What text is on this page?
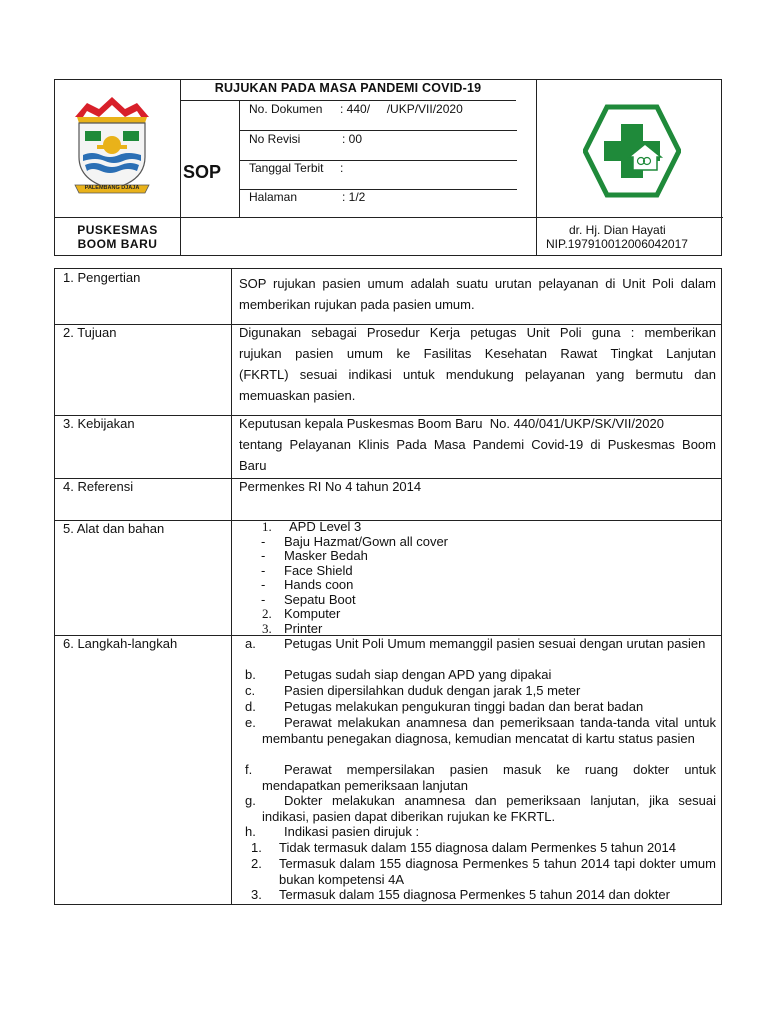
PALEMBANG DJAJA
RUJUKAN PADA MASA PANDEMI COVID-19
SOP
No. Dokumen : 440/     /UKP/VII/2020
No Revisi	: 00
Tanggal Terbit :
Halaman	: 1/2
PUSKESMAS
BOOM BARU
dr. Hj. Dian Hayati
NIP.197910012006042017
1. Pengertian	SOP rujukan pasien umum adalah suatu urutan pelayanan di Unit Poli dalam
memberikan rujukan pada pasien umum.
2. Tujuan	Digunakan sebagai Prosedur Kerja petugas Unit Poli guna : memberikan
rujukan pasien umum ke Fasilitas Kesehatan Rawat Tingkat Lanjutan
(FKRTL) sesuai indikasi untuk mendukung pelayanan yang bermutu dan
memuaskan pasien.
3. Kebijakan	Keputusan kepala Puskesmas Boom Baru  No. 440/041/UKP/SK/VII/2020
tentang Pelayanan Klinis Pada Masa Pandemi Covid-19 di Puskesmas Boom
Baru
4. Referensi	Permenkes RI No 4 tahun 2014
5. Alat dan bahan	1. APD Level 3
- Baju Hazmat/Gown all cover
- Masker Bedah
- Face Shield
- Hands coon
- Sepatu Boot
2. Komputer
3. Printer
6. Langkah-langkah	a.	Petugas Unit Poli Umum memanggil pasien sesuai dengan urutan pasien
b.	Petugas sudah siap dengan APD yang dipakai
c.	Pasien dipersilahkan duduk dengan jarak 1,5 meter
d.	Petugas melakukan pengukuran tinggi badan dan berat badan
e.	Perawat melakukan anamnesa dan pemeriksaan tanda-tanda vital untuk membantu penegakan diagnosa, kemudian mencatat di kartu status pasien
f.	Perawat mempersilakan pasien masuk ke ruang dokter untuk mendapatkan pemeriksaan lanjutan
g.	Dokter melakukan anamnesa dan pemeriksaan lanjutan, jika sesuai indikasi, pasien dapat diberikan rujukan ke FKRTL.
h.	Indikasi pasien dirujuk :
1.	Tidak termasuk dalam 155 diagnosa dalam Permenkes 5 tahun 2014
2.	Termasuk dalam 155 diagnosa Permenkes 5 tahun 2014 tapi dokter umum bukan kompetensi 4A
3.	Termasuk dalam 155 diagnosa Permenkes 5 tahun 2014 dan dokter
